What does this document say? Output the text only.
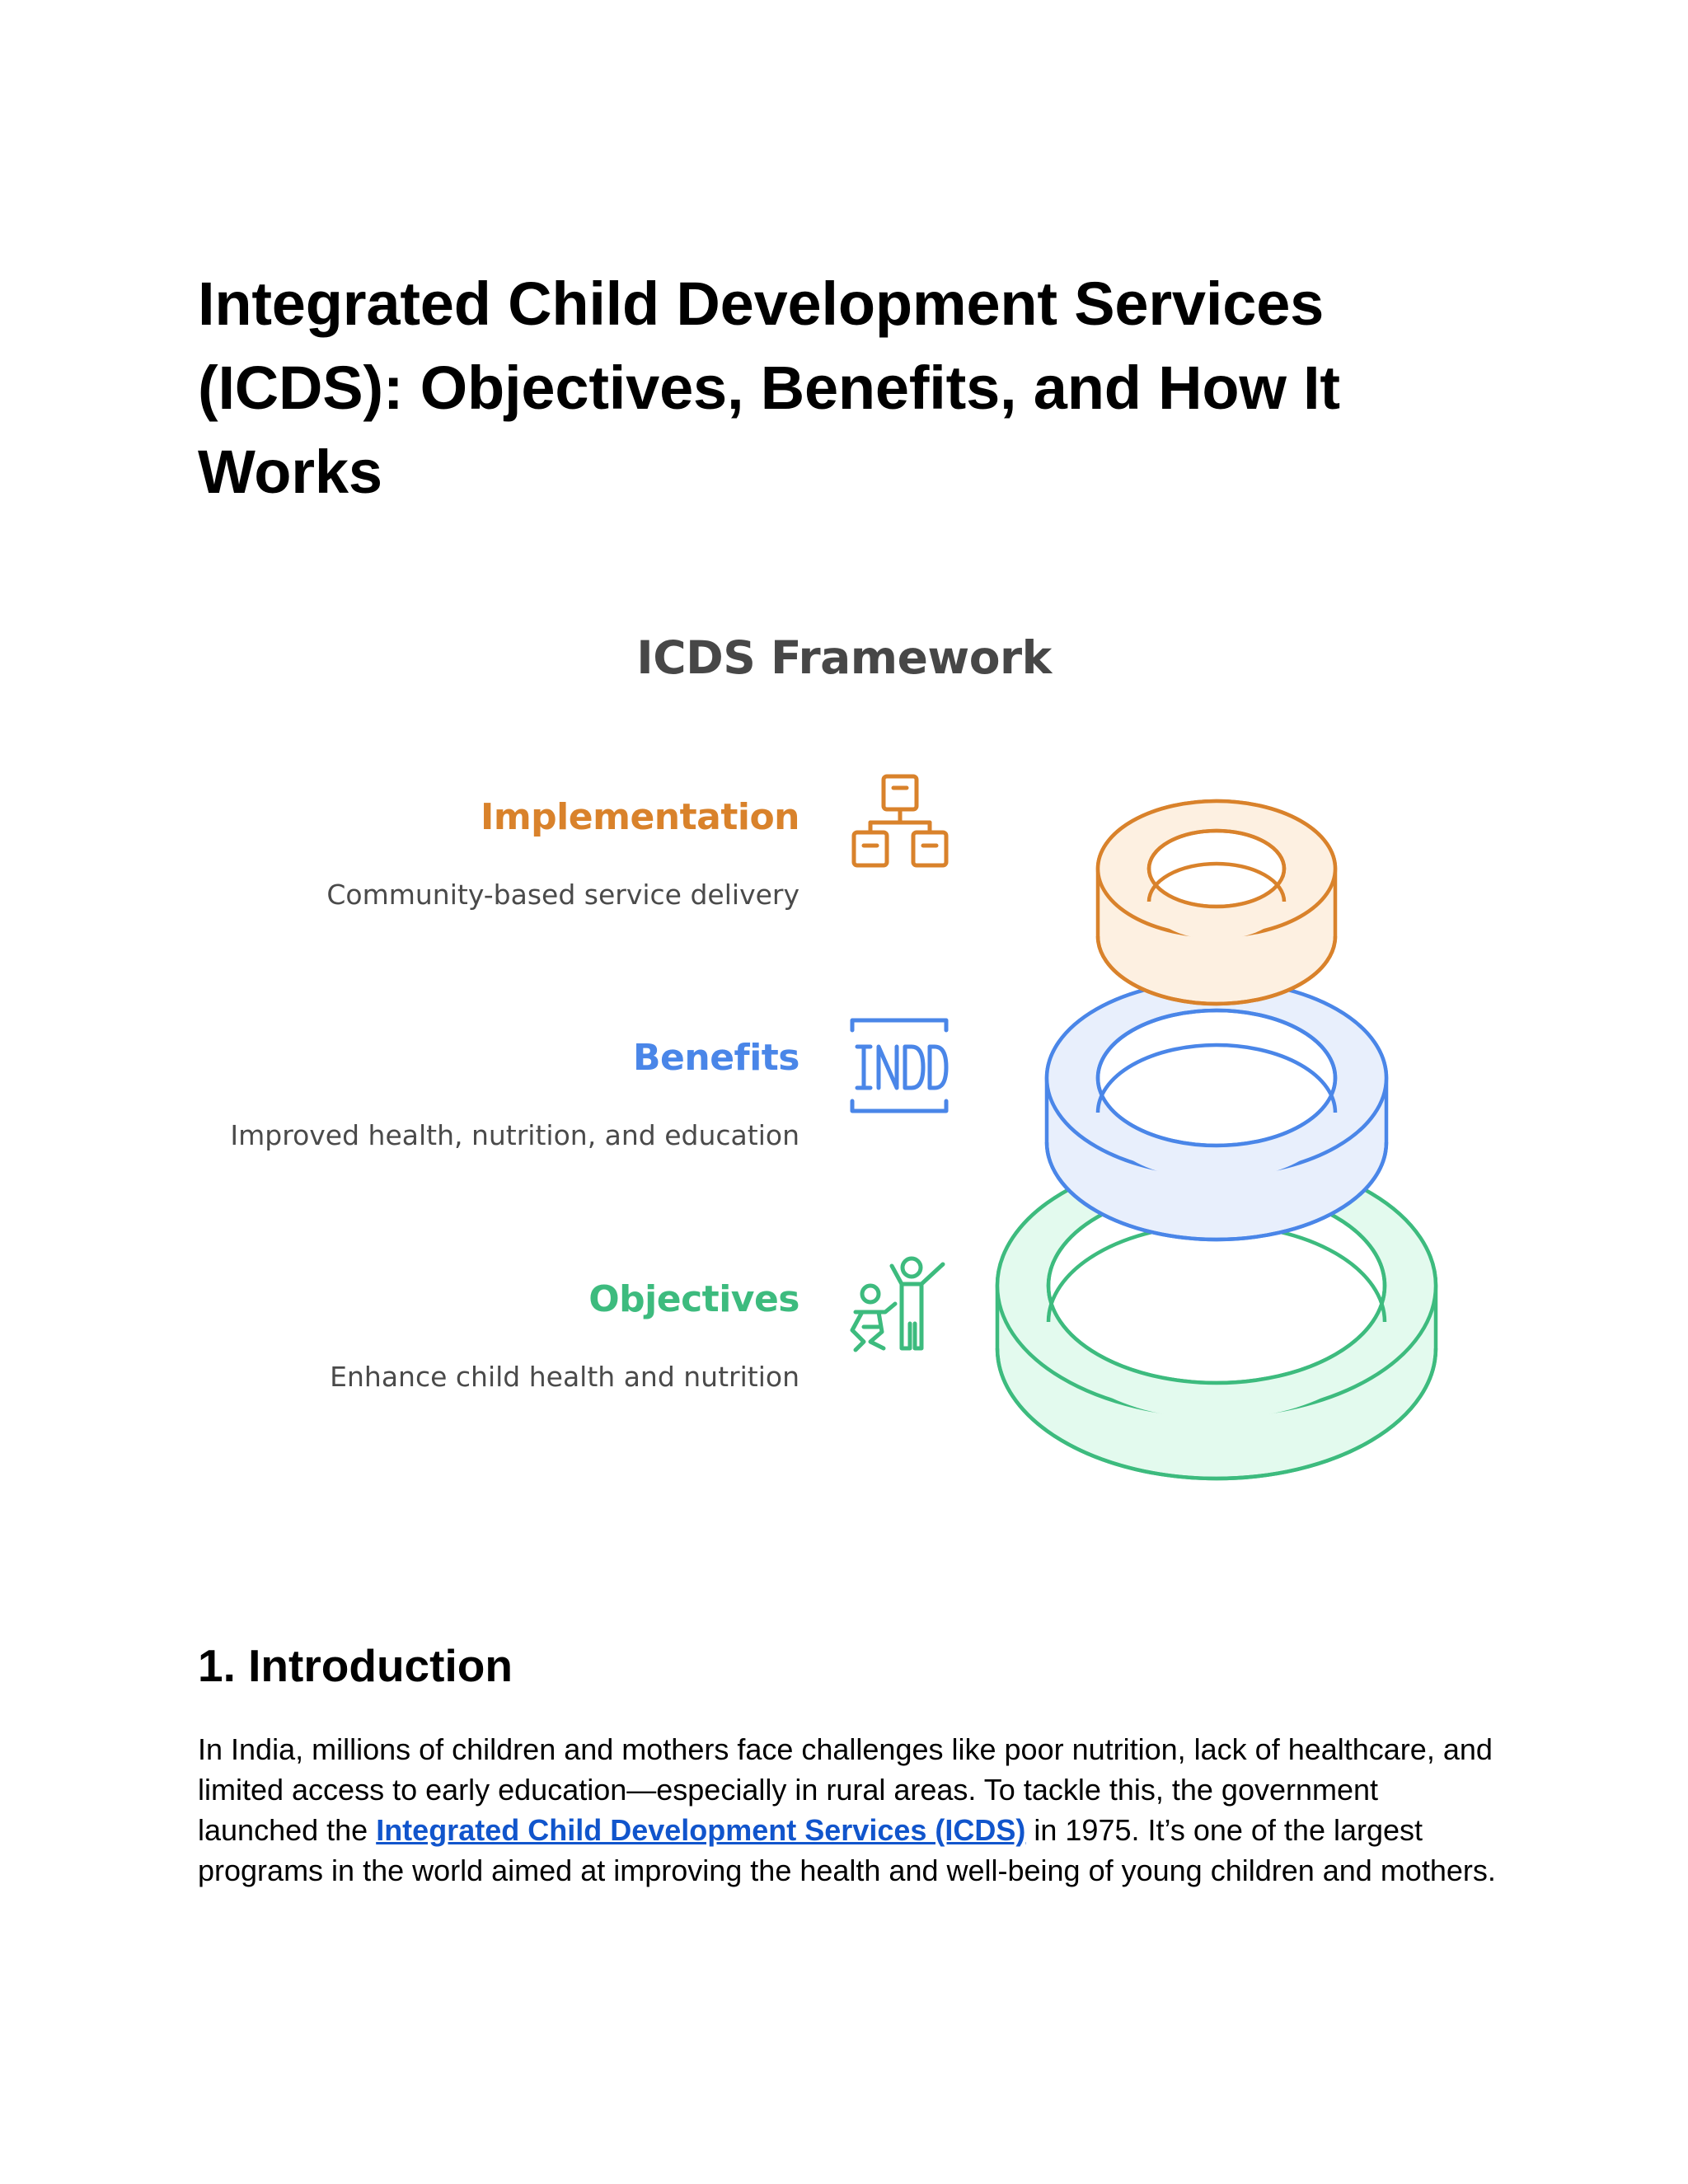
Integrated Child Development Services (ICDS): Objectives, Benefits, and How It Works
ICDS Framework
Implementation

Community-based service delivery

Benefits

Improved health, nutrition, and education

Objectives

Enhance child health and nutrition

1. Introduction

In India, millions of children and mothers face challenges like poor nutrition, lack of healthcare, and limited access to early education—especially in rural areas. To tackle this, the government launched the Integrated Child Development Services (ICDS) in 1975. It’s one of the largest programs in the world aimed at improving the health and well-being of young children and mothers.
